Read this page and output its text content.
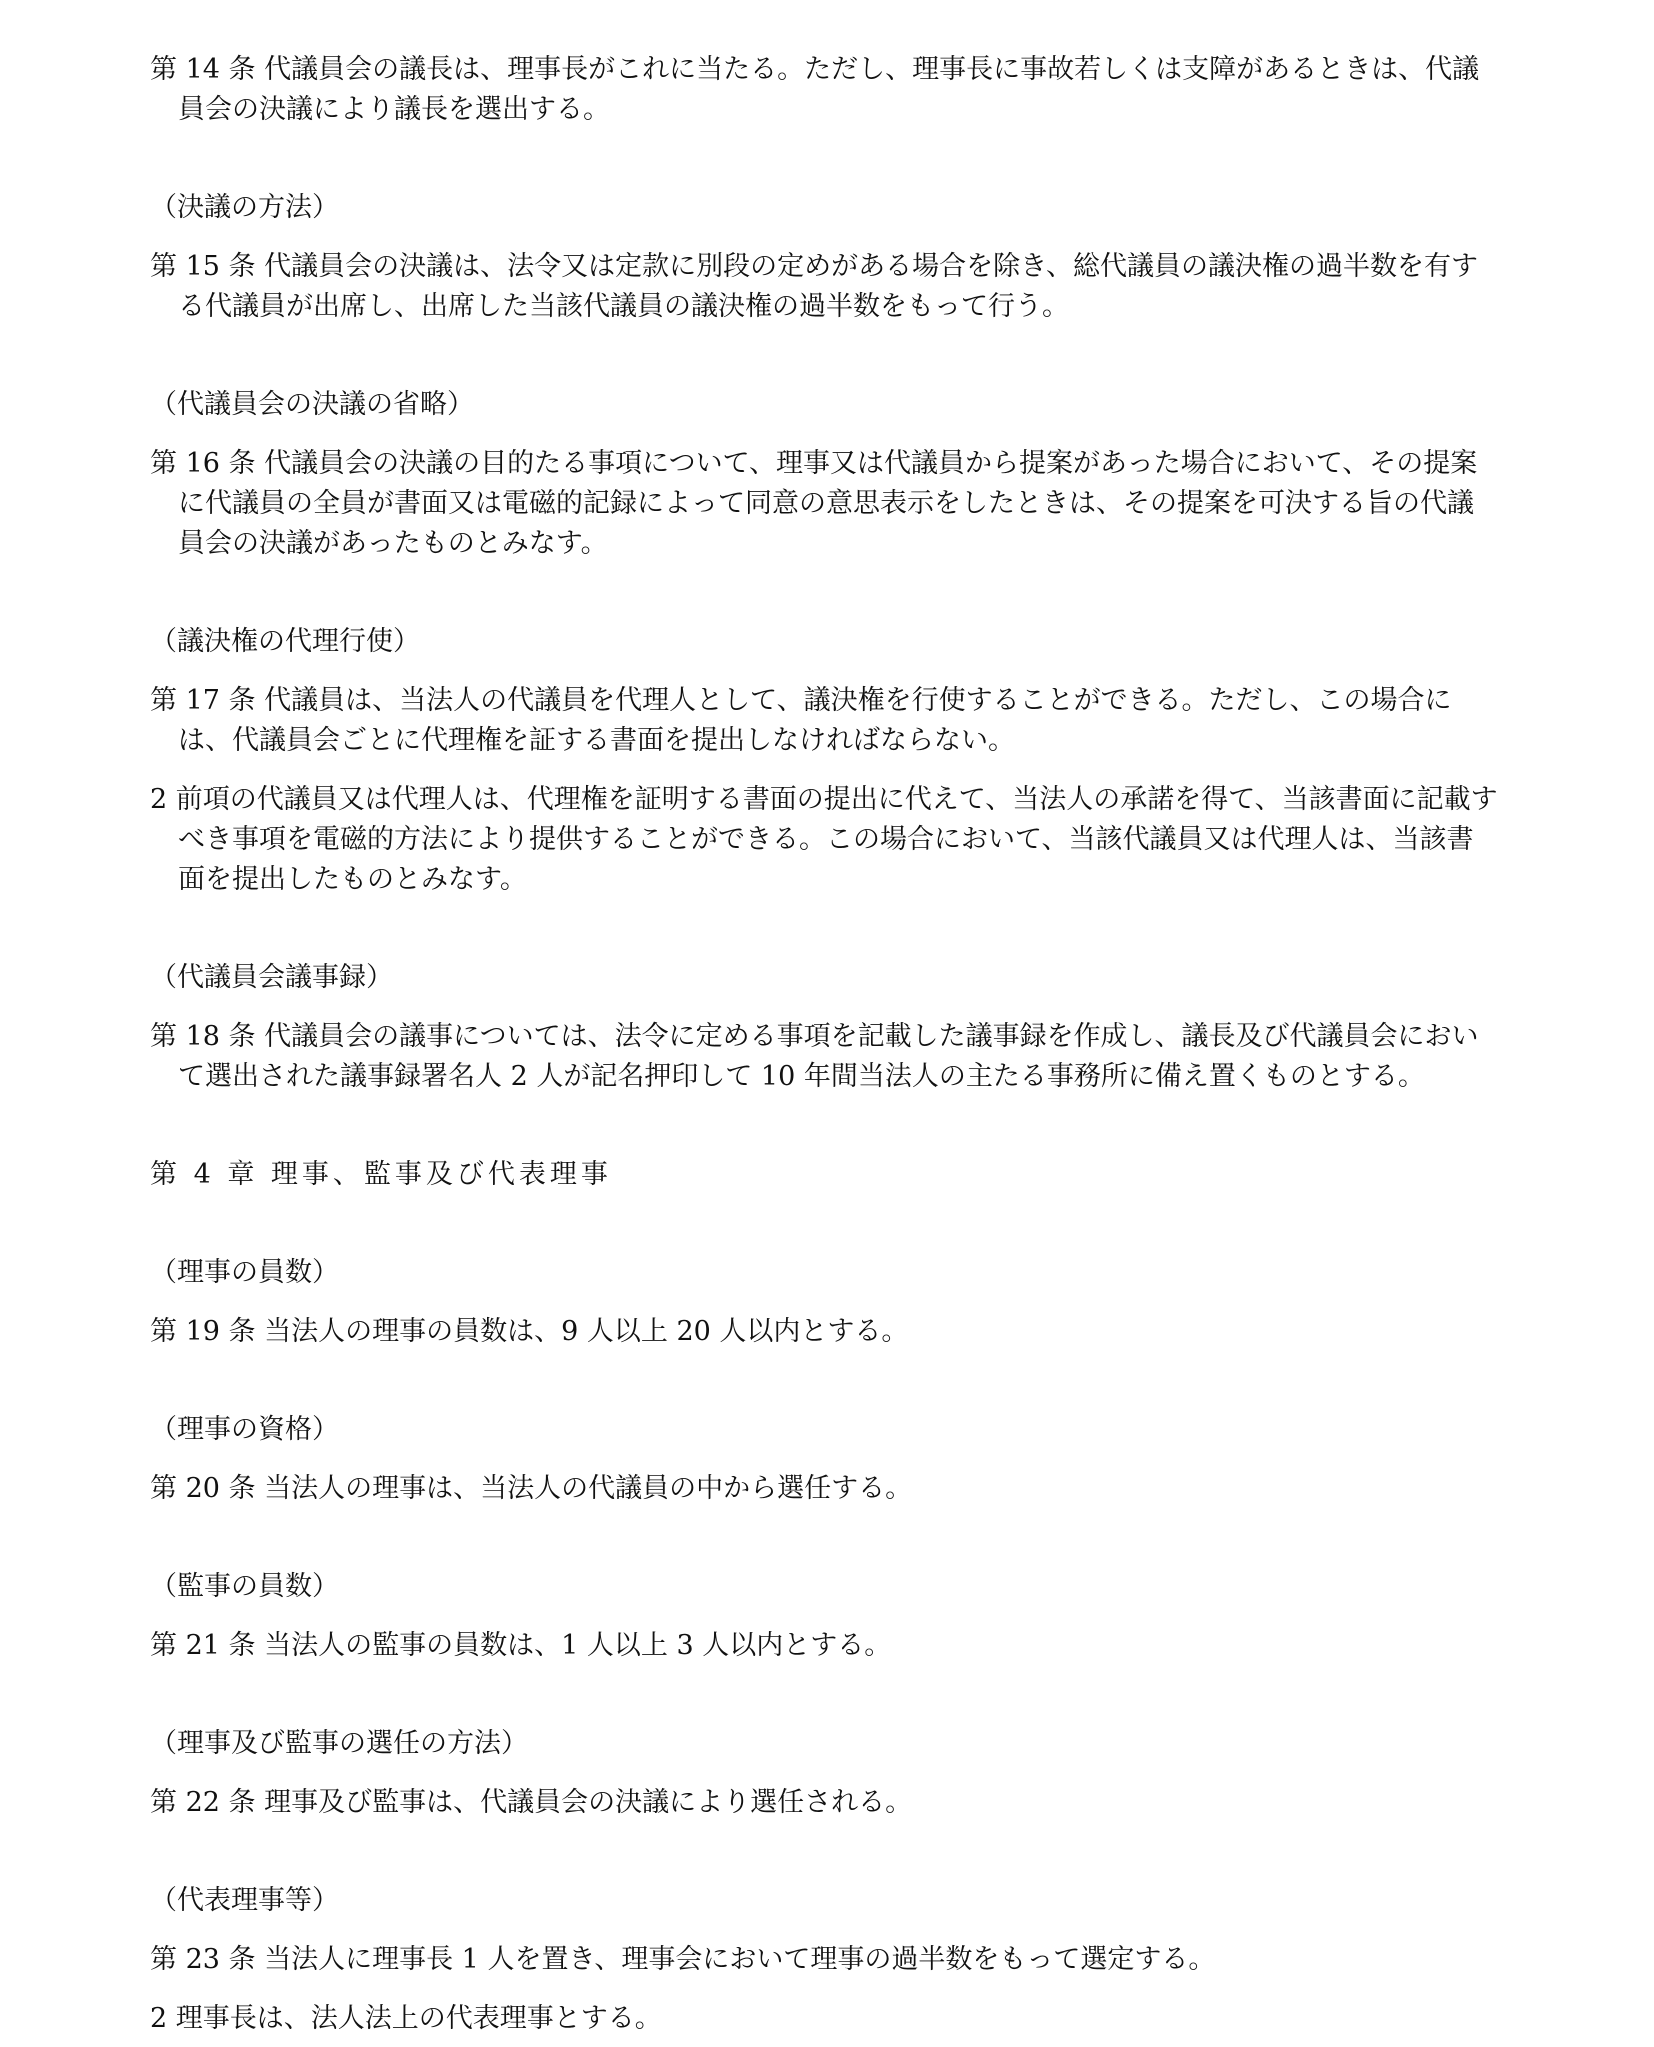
第 14 条 代議員会の議長は、理事長がこれに当たる。ただし、理事長に事故若しくは支障があるときは、代議員会の決議により議長を選出する。

（決議の方法）

第 15 条 代議員会の決議は、法令又は定款に別段の定めがある場合を除き、総代議員の議決権の過半数を有する代議員が出席し、出席した当該代議員の議決権の過半数をもって行う。

（代議員会の決議の省略）

第 16 条 代議員会の決議の目的たる事項について、理事又は代議員から提案があった場合において、その提案に代議員の全員が書面又は電磁的記録によって同意の意思表示をしたときは、その提案を可決する旨の代議員会の決議があったものとみなす。

（議決権の代理行使）

第 17 条 代議員は、当法人の代議員を代理人として、議決権を行使することができる。ただし、この場合には、代議員会ごとに代理権を証する書面を提出しなければならない。

2 前項の代議員又は代理人は、代理権を証明する書面の提出に代えて、当法人の承諾を得て、当該書面に記載すべき事項を電磁的方法により提供することができる。この場合において、当該代議員又は代理人は、当該書面を提出したものとみなす。

（代議員会議事録）

第 18 条 代議員会の議事については、法令に定める事項を記載した議事録を作成し、議長及び代議員会において選出された議事録署名人 2 人が記名押印して 10 年間当法人の主たる事務所に備え置くものとする。

第 4 章 理事、監事及び代表理事

（理事の員数）

第 19 条 当法人の理事の員数は、9 人以上 20 人以内とする。

（理事の資格）

第 20 条 当法人の理事は、当法人の代議員の中から選任する。

（監事の員数）

第 21 条 当法人の監事の員数は、1 人以上 3 人以内とする。

（理事及び監事の選任の方法）

第 22 条 理事及び監事は、代議員会の決議により選任される。

（代表理事等）

第 23 条 当法人に理事長 1 人を置き、理事会において理事の過半数をもって選定する。

2 理事長は、法人法上の代表理事とする。
